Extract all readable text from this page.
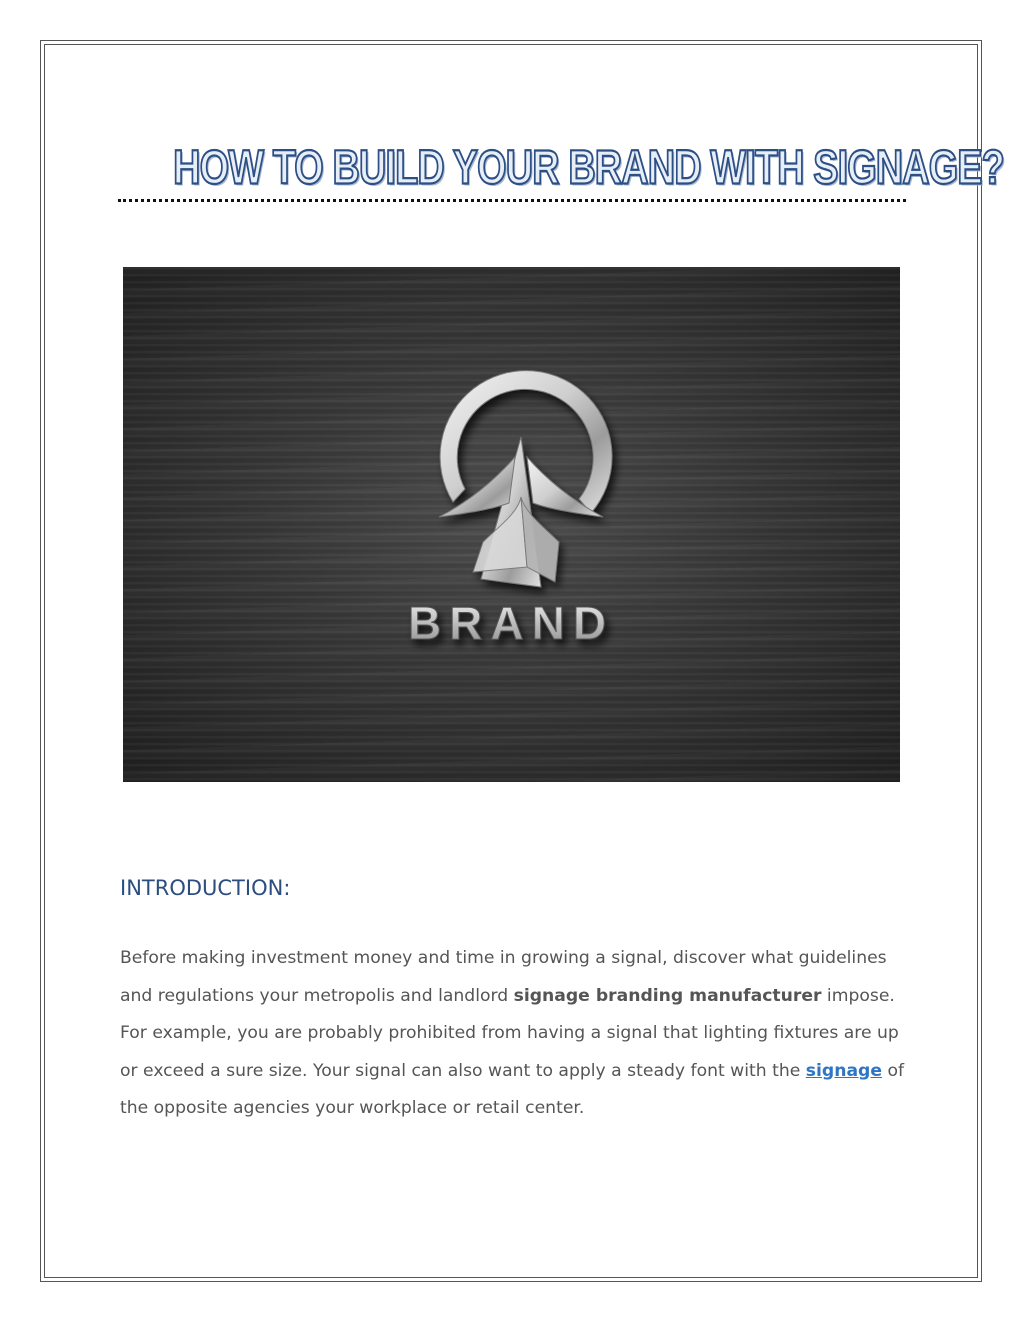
HOW TO BUILD YOUR BRAND WITH SIGNAGE?
BRAND
INTRODUCTION:

Before making investment money and time in growing a signal, discover what guidelines and regulations your metropolis and landlord signage branding manufacturer impose. For example, you are probably prohibited from having a signal that lighting fixtures are up or exceed a sure size. Your signal can also want to apply a steady font with the signage of the opposite agencies your workplace or retail center.
